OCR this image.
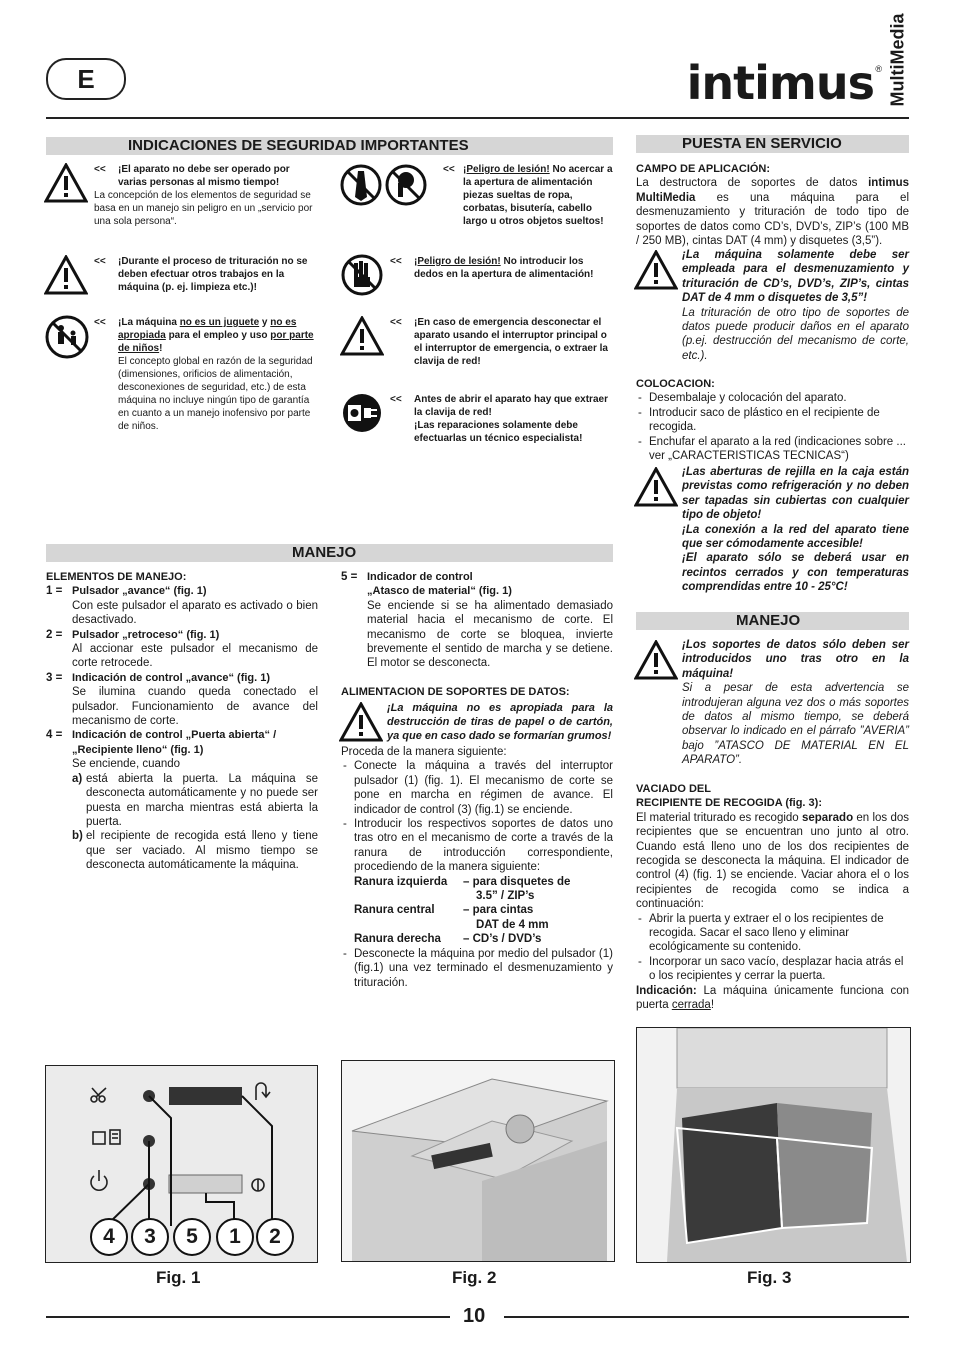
E	intimus ® MultiMedia
INDICACIONES DE SEGURIDAD IMPORTANTES
<<	¡El aparato no debe ser operado por varias personas al mismo tiempo!
La concepción de los elementos de seguridad se basa en un manejo sin peligro en un „servicio por una sola persona“.
<<	¡Durante el proceso de trituración no se deben efectuar otros trabajos en la máquina (p. ej. limpieza etc.)!
<<	¡La máquina no es un juguete y no es apropiada para el empleo y uso por parte de niños!
El concepto global en razón de la seguridad (dimensiones, orificios de alimentación, desconexiones de seguridad, etc.) de esta máquina no incluye ningún tipo de garantía en cuanto a un manejo inofensivo por parte de niños.
<< ¡Peligro de lesión! No acercar a la apertura de alimentación piezas sueltas de ropa, corbatas, bisutería, cabello largo u otros objetos sueltos!
<<	¡Peligro de lesión! No introducir los dedos en la apertura de alimentación!
<<	¡En caso de emergencia desconectar el aparato usando el interruptor principal o el interruptor de emergencia, o extraer la clavija de red!
<<	Antes de abrir el aparato hay que extraer la clavija de red!
¡Las reparaciones solamente debe efectuarlas un técnico especialista!
PUESTA EN SERVICIO
CAMPO DE APLICACIÓN:
La destructora de soportes de datos intimus MultiMedia es una máquina para el desmenuzamiento y trituración de todo tipo de soportes de datos como CD’s, DVD’s, ZIP’s (100 MB / 250 MB), cintas DAT (4 mm) y disquetes (3,5”).
¡La máquina solamente debe ser empleada para el desmenuzamiento y trituración de CD’s, DVD’s, ZIP’s, cintas DAT de 4 mm o disquetes de 3,5”!
La trituración de otro tipo de soportes de datos puede producir daños en el aparato (p.ej. destrucción del mecanismo de corte, etc.).
COLOCACION:
- Desembalaje y colocación del aparato.
- Introducir saco de plástico en el recipiente de recogida.
- Enchufar el aparato a la red (indicaciones sobre ... ver „CARACTERISTICAS TECNICAS“)
¡Las aberturas de rejilla en la caja están previstas como refrigeración y no deben ser tapadas sin cubiertas con cualquier tipo de objeto!
¡La conexión a la red del aparato tiene que ser cómodamente accesible!
¡El aparato sólo se deberá usar en recintos cerrados y con temperaturas comprendidas entre 10 - 25°C!
MANEJO
¡Los soportes de datos sólo deben ser introducidos uno tras otro en la máquina!
Si a pesar de esta advertencia se introdujeran alguna vez dos o más soportes de datos al mismo tiempo, se deberá observar lo indicado en el párrafo ”AVERIA” bajo ”ATASCO DE MATERIAL EN EL APARATO”.
VACIADO DEL
RECIPIENTE DE RECOGIDA (fig. 3):
El material triturado es recogido separado en los dos recipientes que se encuentran uno junto al otro. Cuando está lleno uno de los dos recipientes de recogida se desconecta la máquina. El indicador de control (4) (fig. 1) se enciende. Vaciar ahora el o los recipientes de recogida como se indica a continuación:
- Abrir la puerta y extraer el o los recipientes de recogida. Sacar el saco lleno y eliminar ecológicamente su contenido.
- Incorporar un saco vacío, desplazar hacia atrás el o los recipientes y cerrar la puerta.
Indicación: La máquina únicamente funciona con puerta cerrada!
MANEJO
ELEMENTOS DE MANEJO:
1 = Pulsador „avance“ (fig. 1)
Con este pulsador el aparato es activado o bien desactivado.
2 = Pulsador „retroceso“ (fig. 1)
Al accionar este pulsador el mecanismo de corte retrocede.
3 = Indicación de control „avance“ (fig. 1)
Se ilumina cuando queda conectado el pulsador. Funcionamiento de avance del mecanismo de corte.
4 = Indicación de control „Puerta abierta“ / „Recipiente lleno“ (fig. 1)
Se enciende, cuando
a) está abierta la puerta. La máquina se desconecta automáticamente y no puede ser puesta en marcha mientras está abierta la puerta.
b) el recipiente de recogida está lleno y tiene que ser vaciado. Al mismo tiempo se desconecta automáticamente la máquina.
5 = Indicador de control
„Atasco de material“ (fig. 1)
Se enciende si se ha alimentado demasiado material hacia el mecanismo de corte. El mecanismo de corte se bloquea, invierte brevemente el sentido de marcha y se detiene. El motor se desconecta.
ALIMENTACION DE SOPORTES DE DATOS:
¡La máquina no es apropiada para la destrucción de tiras de papel o de cartón, ya que en caso dado se formarían grumos!
Proceda de la manera siguiente:
- Conecte la máquina a través del interruptor pulsador (1) (fig. 1). El mecanismo de corte se pone en marcha en régimen de avance. El indicador de control (3) (fig.1) se enciende.
- Introducir los respectivos soportes de datos uno tras otro en el mecanismo de corte a través de la ranura de introducción correspondiente, procediendo de la manera siguiente:
Ranura izquierda	– para disquetes de
3.5” / ZIP’s
Ranura central	– para cintas
DAT de 4 mm
Ranura derecha	– CD’s / DVD’s
- Desconecte la máquina por medio del pulsador (1) (fig.1) una vez terminado el desmenuzamiento y trituración.
4	3	5	1	2
Fig. 1	Fig. 2	Fig. 3
10
